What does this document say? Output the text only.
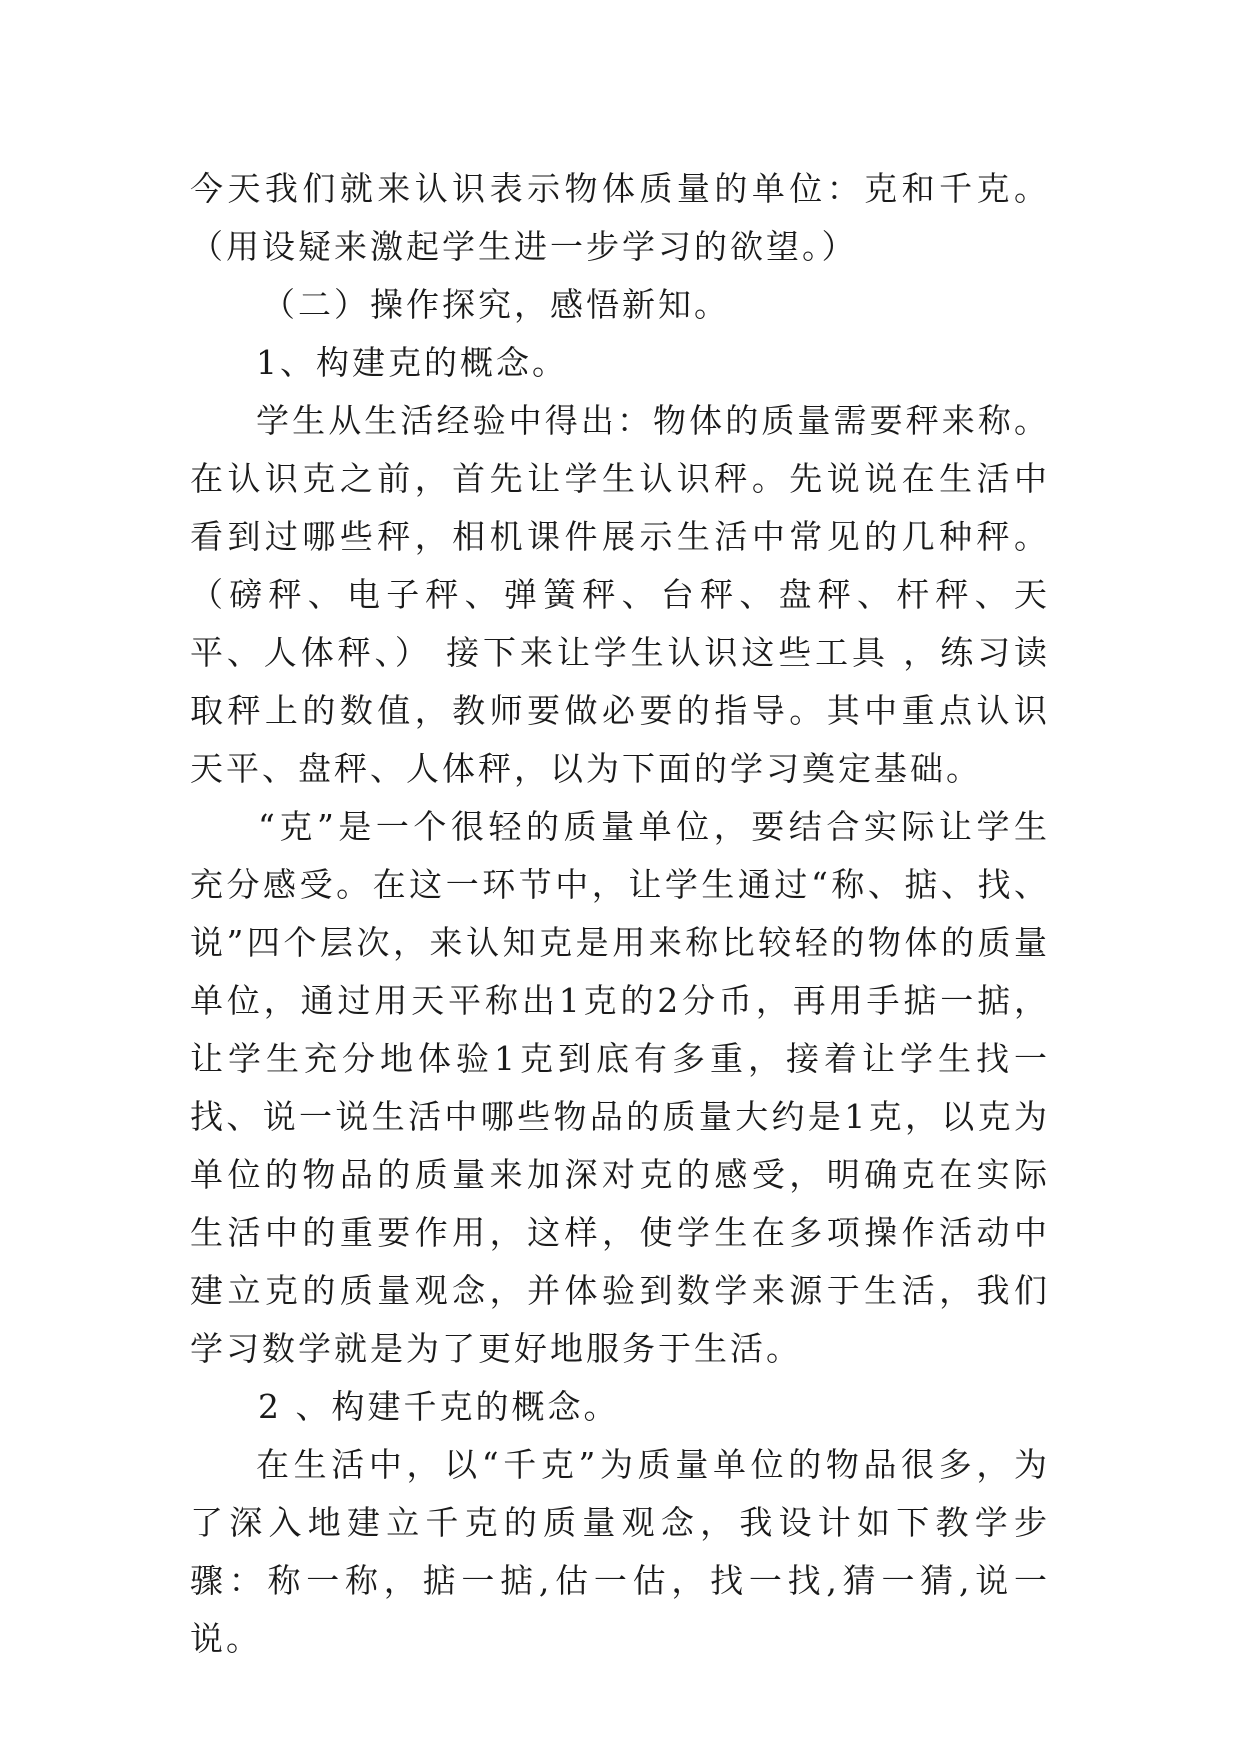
今天我们就来认识表示物体质量的单位：克和千克。（用设疑来激起学生进一步学习的欲望。）

（二）操作探究，感悟新知。

1、构建克的概念。

学生从生活经验中得出：物体的质量需要秤来称。在认识克之前，首先让学生认识秤。先说说在生活中看到过哪些秤，相机课件展示生活中常见的几种秤。（磅秤、电子秤、弹簧秤、台秤、盘秤、杆秤、天平、人体秤、） 接下来让学生认识这些工具 ，练习读取秤上的数值，教师要做必要的指导。其中重点认识天平、盘秤、人体秤，以为下面的学习奠定基础。

“克”是一个很轻的质量单位，要结合实际让学生充分感受。在这一环节中，让学生通过“称、掂、找、说”四个层次，来认知克是用来称比较轻的物体的质量单位，通过用天平称出1克的2分币，再用手掂一掂，让学生充分地体验1克到底有多重，接着让学生找一找、说一说生活中哪些物品的质量大约是1克，以克为单位的物品的质量来加深对克的感受，明确克在实际生活中的重要作用，这样，使学生在多项操作活动中建立克的质量观念，并体验到数学来源于生活，我们学习数学就是为了更好地服务于生活。

2 、构建千克的概念。

在生活中，以“千克”为质量单位的物品很多，为了深入地建立千克的质量观念，我设计如下教学步骤：称一称，掂一掂,估一估，找一找,猜一猜,说一说。
